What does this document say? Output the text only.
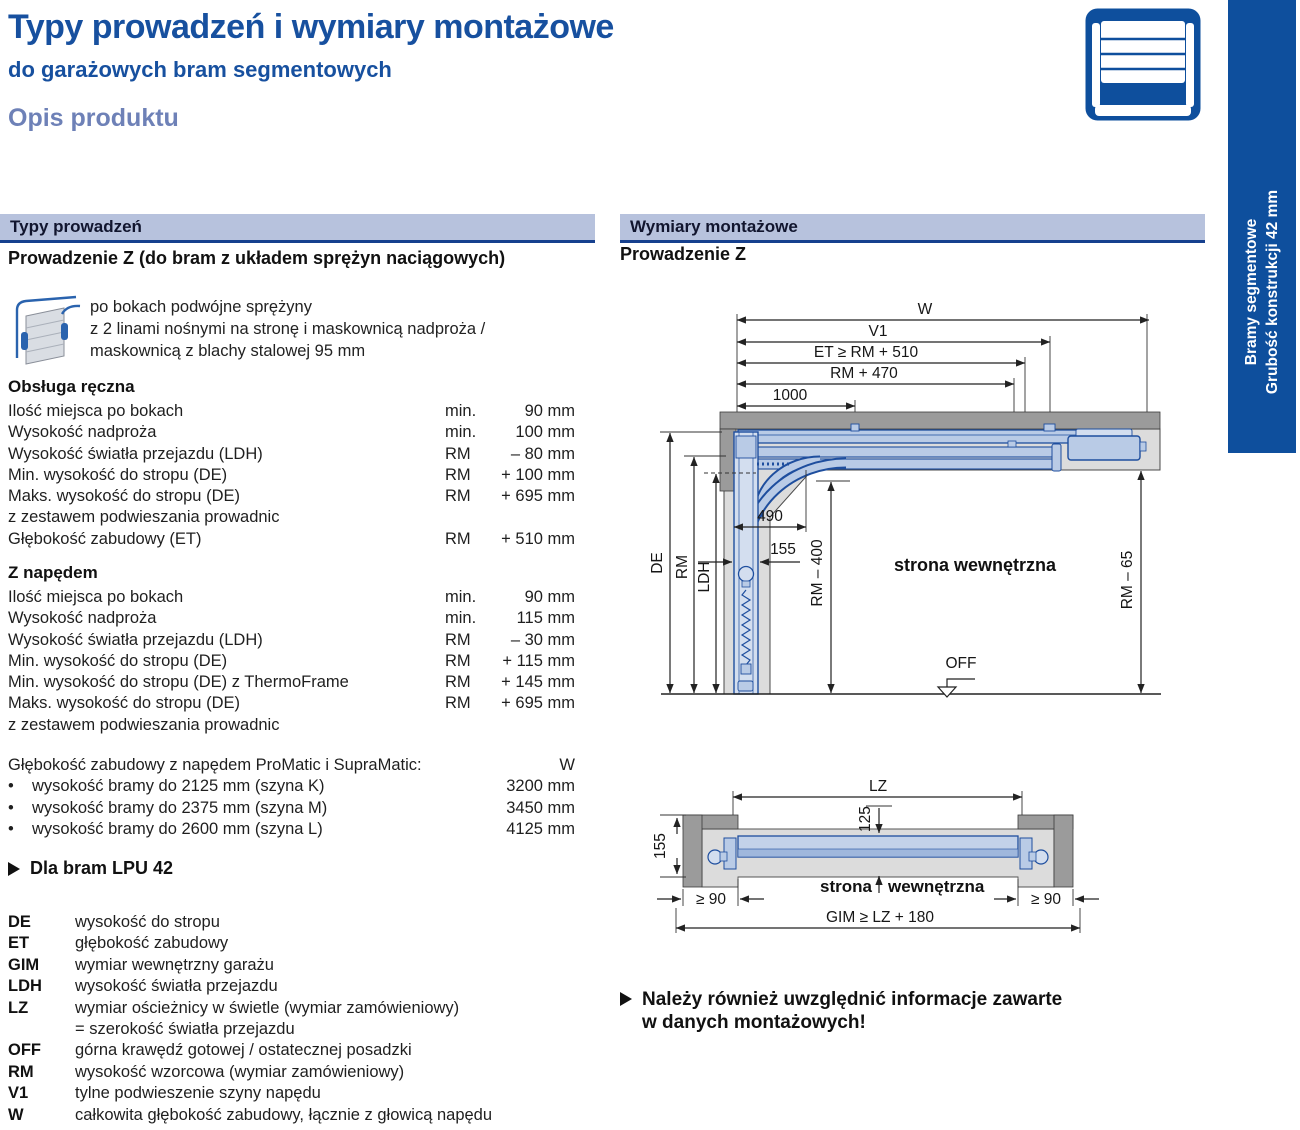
Typy prowadzeń i wymiary montażowe
do garażowych bram segmentowych
Opis produktu
Bramy segmentowe Grubość konstrukcji 42 mm
Typy prowadzeń	Wymiary montażowe
Prowadzenie Z (do bram z układem sprężyn naciągowych)
po bokach podwójne sprężyny
z 2 linami nośnymi na stronę i maskownicą nadproża /
maskownicą z blachy stalowej 95 mm
Obsługa ręczna
Ilość miejsca po bokach	min.	90 mm
Wysokość nadproża	min.	100 mm
Wysokość światła przejazdu (LDH)	RM	– 80 mm
Min. wysokość do stropu (DE)	RM	+ 100 mm
Maks. wysokość do stropu (DE)	RM	+ 695 mm
z zestawem podwieszania prowadnic
Głębokość zabudowy (ET)	RM	+ 510 mm
Z napędem
Ilość miejsca po bokach	min.	90 mm
Wysokość nadproża	min.	115 mm
Wysokość światła przejazdu (LDH)	RM	– 30 mm
Min. wysokość do stropu (DE)	RM	+ 115 mm
Min. wysokość do stropu (DE) z ThermoFrame	RM	+ 145 mm
Maks. wysokość do stropu (DE)	RM	+ 695 mm
z zestawem podwieszania prowadnic
Głębokość zabudowy z napędem ProMatic i SupraMatic:	W
•	wysokość bramy do 2125 mm (szyna K)	3200 mm
•	wysokość bramy do 2375 mm (szyna M)	3450 mm
•	wysokość bramy do 2600 mm (szyna L)	4125 mm
Dla bram LPU 42
DE	wysokość do stropu
ET	głębokość zabudowy
GIM	wymiar wewnętrzny garażu
LDH	wysokość światła przejazdu
LZ	wymiar ościeżnicy w świetle (wymiar zamówieniowy)
= szerokość światła przejazdu
OFF	górna krawędź gotowej / ostatecznej posadzki
RM	wysokość wzorcowa (wymiar zamówieniowy)
V1	tylne podwieszenie szyny napędu
W	całkowita głębokość zabudowy, łącznie z głowicą napędu
Prowadzenie Z
W
V1
ET ≥ RM + 510
RM + 470
1000
DE RM LDH
490
155 RM – 400	RM – 65
strona wewnętrzna
OFF
LZ
125
155
≥ 90	≥ 90
GIM ≥ LZ + 180
strona wewnętrzna
Należy również uwzględnić informacje zawarte
w danych montażowych!
